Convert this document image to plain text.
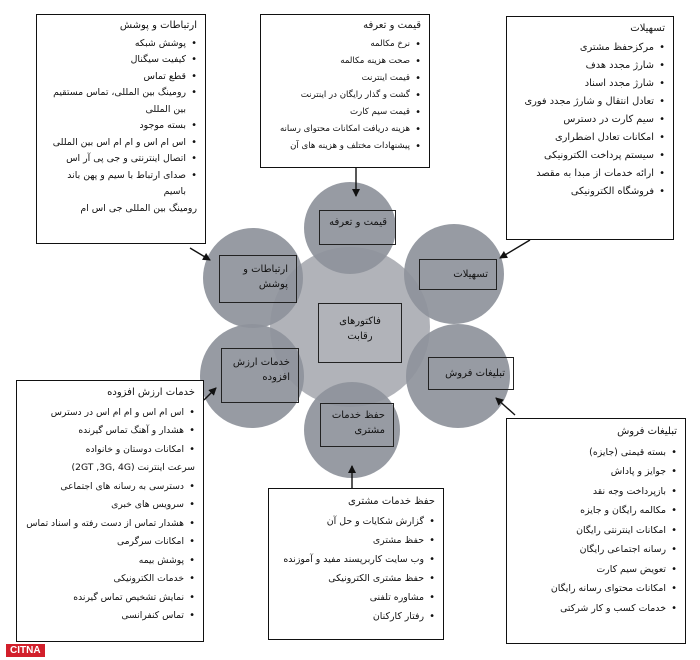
فاکتورهای رقابت
قیمت و تعرفه
تسهیلات
تبلیغات فروش
حفظ خدمات مشتری
خدمات ارزش افزوده
ارتباطات و پوشش
ارتباطات و پوشش
• پوشش شبکه
• کیفیت سیگنال
• قطع تماس
• رومینگ بین المللی، تماس مستقیم بین المللی
• بسته موجود
• اس ام اس و ام ام اس بین المللی
• اتصال اینترنتی و جی پی آر اس
• صدای ارتباط با سیم و پهن باند باسیم
رومینگ بین المللی جی اس ام
قیمت و تعرفه
• نرخ مکالمه
• صحت هزینه مکالمه
• قیمت اینترنت
• گشت و گذار رایگان در اینترنت
• قیمت سیم کارت
• هزینه دریافت امکانات محتوای رسانه
• پیشنهادات مختلف و هزینه های آن
تسهیلات
• مرکزحفظ مشتری
• شارژ مجدد هدف
• شارژ مجدد اسناد
• تعادل انتقال و شارژ مجدد فوری
• سیم کارت در دسترس
• امکانات تعادل اضطراری
• سیستم پرداخت الکترونیکی
• ارائه خدمات از مبدا به مقصد
• فروشگاه الکترونیکی
خدمات ارزش افزوده
• اس ام اس و ام ام اس در دسترس
• هشدار و آهنگ تماس گیرنده
• امکانات دوستان و خانواده
سرعت اینترنت (2GT ,3G, 4G)
• دسترسی به رسانه های اجتماعی
• سرویس های خبری
• هشدار تماس از دست رفته و اسناد تماس
• امکانات سرگرمی
• پوشش بیمه
• خدمات الکترونیکی
• نمایش تشخیص تماس گیرنده
• تماس کنفرانسی
حفظ خدمات مشتری
• گزارش شکایات و حل آن
• حفظ مشتری
• وب سایت کاربرپسند مفید و آموزنده
• حفظ مشتری الکترونیکی
• مشاوره تلفنی
• رفتار کارکنان
تبلیغات فروش
• بسته قیمتی (جایزه)
• جوایز و پاداش
• بازپرداخت وجه نقد
• مکالمه رایگان و جایزه
• امکانات اینترنتی رایگان
• رسانه اجتماعی رایگان
• تعویض سیم کارت
• امکانات محتوای رسانه رایگان
• خدمات کسب و کار شرکتی
CITNA
